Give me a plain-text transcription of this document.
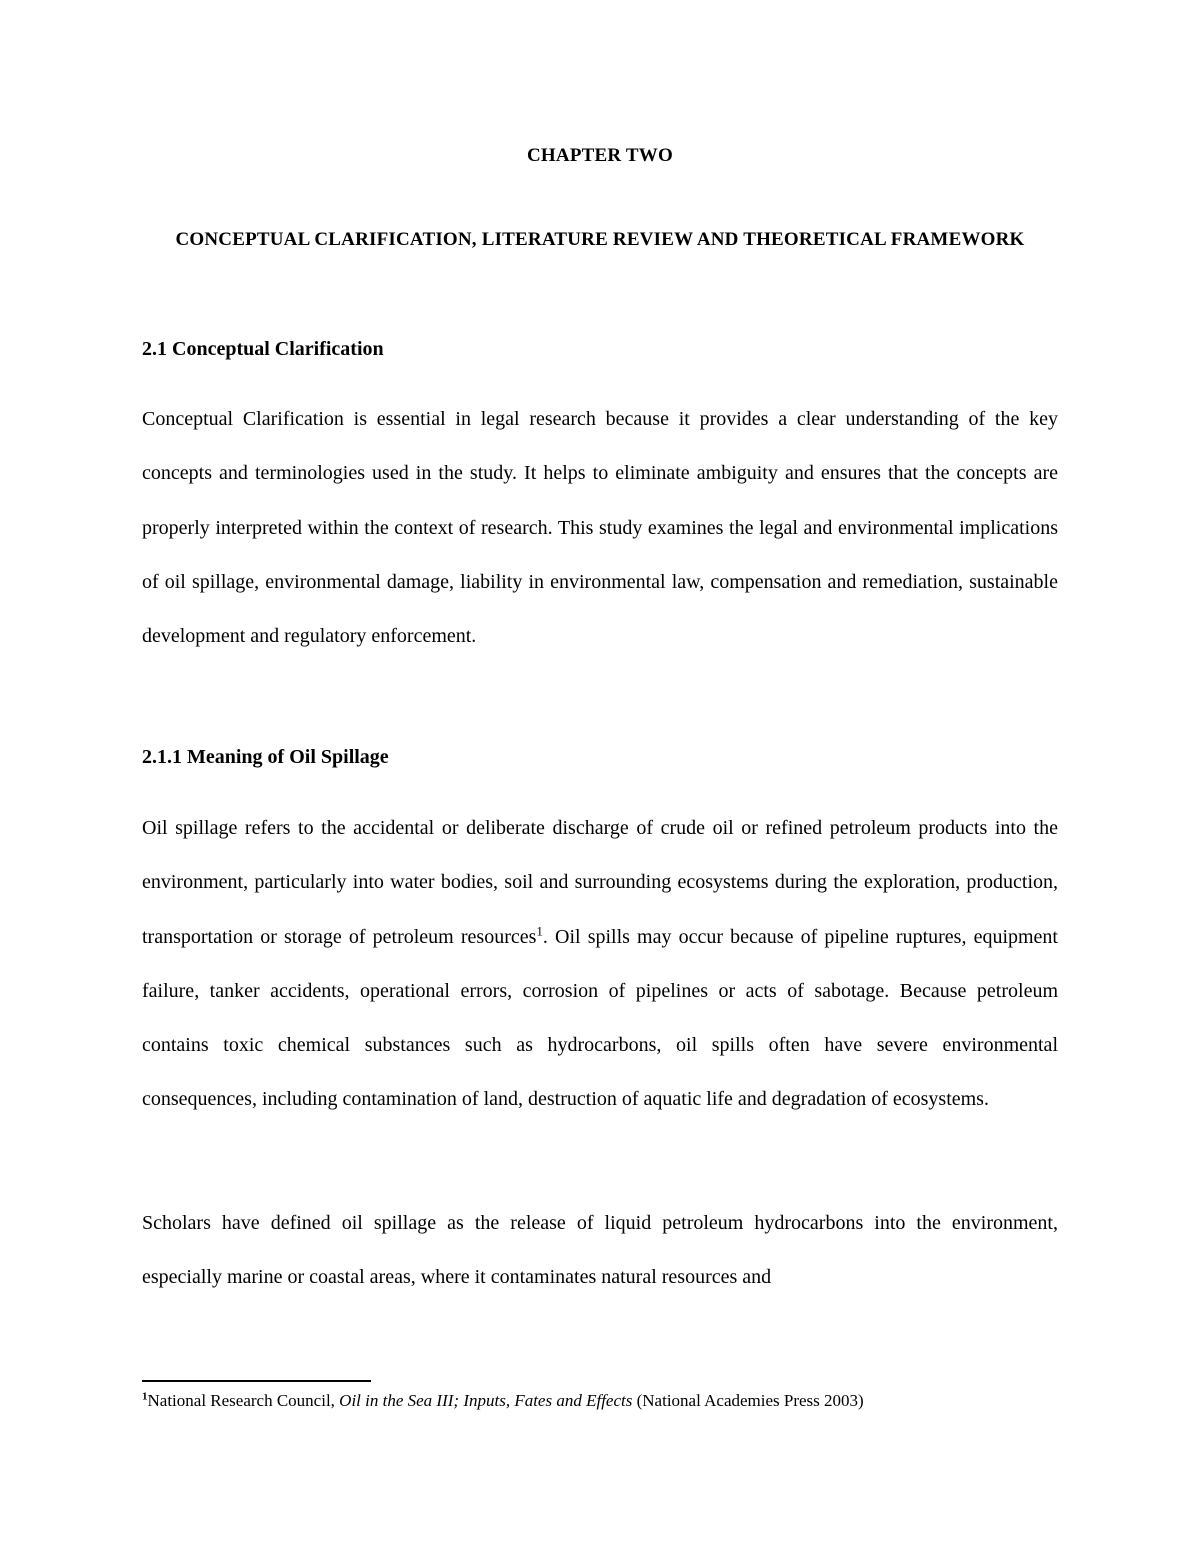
CHAPTER TWO
CONCEPTUAL CLARIFICATION, LITERATURE REVIEW AND THEORETICAL FRAMEWORK
2.1 Conceptual Clarification

Conceptual Clarification is essential in legal research because it provides a clear understanding of the key concepts and terminologies used in the study. It helps to eliminate ambiguity and ensures that the concepts are properly interpreted within the context of research. This study examines the legal and environmental implications of oil spillage, environmental damage, liability in environmental law, compensation and remediation, sustainable development and regulatory enforcement.

2.1.1 Meaning of Oil Spillage

Oil spillage refers to the accidental or deliberate discharge of crude oil or refined petroleum products into the environment, particularly into water bodies, soil and surrounding ecosystems during the exploration, production, transportation or storage of petroleum resources$^1$. Oil spills may occur because of pipeline ruptures, equipment failure, tanker accidents, operational errors, corrosion of pipelines or acts of sabotage. Because petroleum contains toxic chemical substances such as hydrocarbons, oil spills often have severe environmental consequences, including contamination of land, destruction of aquatic life and degradation of ecosystems.

Scholars have defined oil spillage as the release of liquid petroleum hydrocarbons into the environment, especially marine or coastal areas, where it contaminates natural resources and

$^1$National Research Council, Oil in the Sea III; Inputs, Fates and Effects (National Academies Press 2003)
